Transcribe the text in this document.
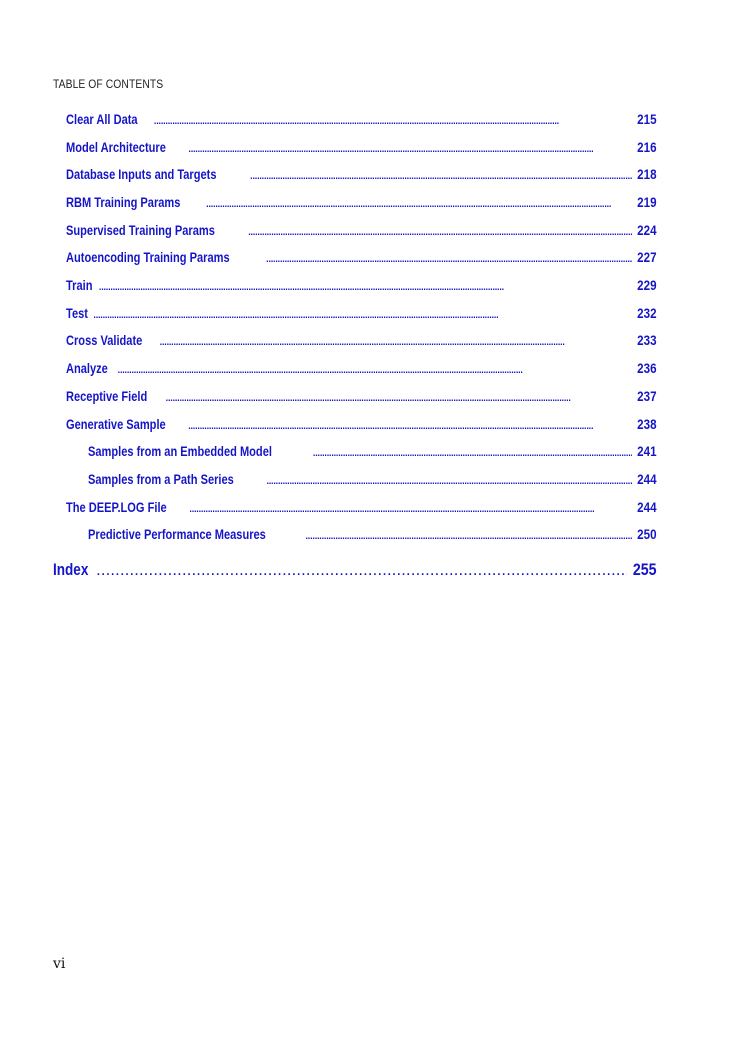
TABLE OF CONTENTS
Clear All Data . . .	215
Model Architecture . . .	216
Database Inputs and Targets . . .	218
RBM Training Params . . .	219
Supervised Training Params . . .	224
Autoencoding Training Params . . .	227
Train . . .	229
Test . . .	232
Cross Validate . . .	233
Analyze . . .	236
Receptive Field . . .	237
Generative Sample . . .	238
Samples from an Embedded Model . . .	241
Samples from a Path Series . . .	244
The DEEP.LOG File . . .	244
Predictive Performance Measures . . .	250
Index . . .	255
vi
